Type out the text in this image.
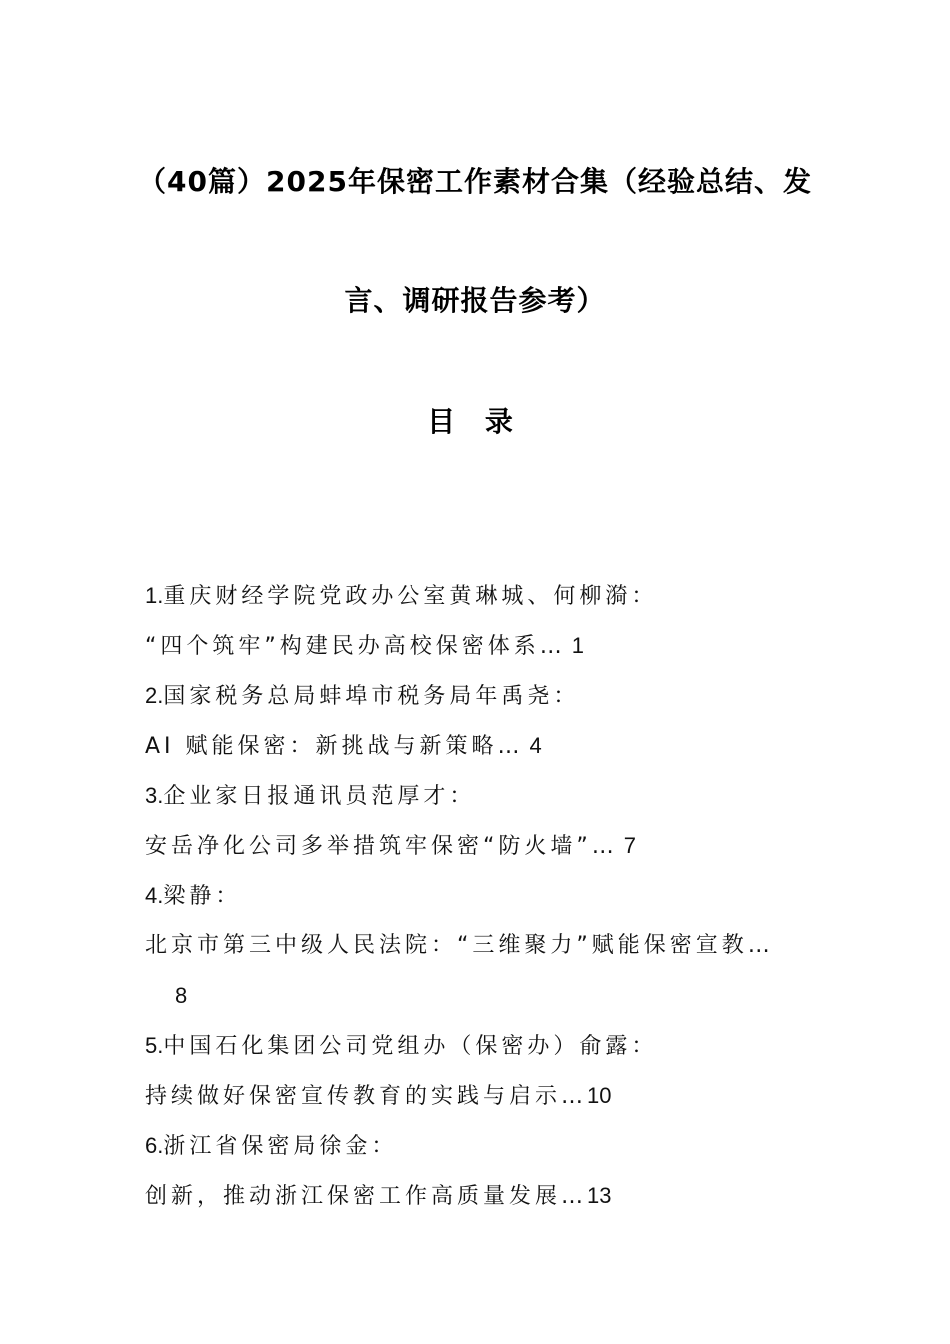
（40篇）2025年保密工作素材合集（经验总结、发
言、调研报告参考）
目 录
1.重庆财经学院党政办公室黄琳城、何柳漪：
“四个筑牢”构建民办高校保密体系… 1
2.国家税务总局蚌埠市税务局年禹尧：
AI 赋能保密：新挑战与新策略… 4
3.企业家日报通讯员范厚才：
安岳净化公司多举措筑牢保密“防火墙”… 7
4.梁静：
北京市第三中级人民法院：“三维聚力”赋能保密宣教…
8
5.中国石化集团公司党组办（保密办）俞露：
持续做好保密宣传教育的实践与启示…10
6.浙江省保密局徐金：
创新，推动浙江保密工作高质量发展…13
